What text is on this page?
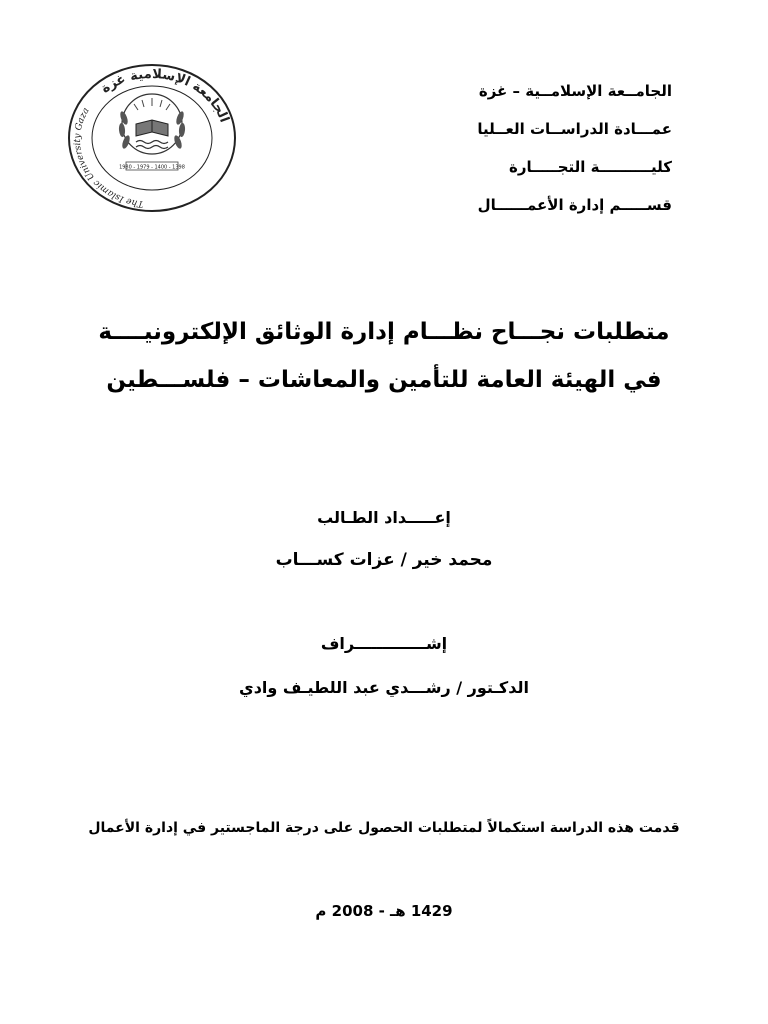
1980 - 1979 - 1400 - 1398
الجامعة الإسلامية غزة
The Islamic University Gaza
الجامــعة الإسلامــية – غزة
عمـــادة الدراســات العــليا
كليــــــــــة التجـــــارة
قســـــم إدارة الأعمــــــال
متطلبات نجـــاح نظـــام إدارة الوثائق الإلكترونيــــة
في الهيئة العامة للتأمين والمعاشات – فلســـطين
إعـــــداد الطـالب
محمد خير / عزات كســـاب
إشـــــــــــــراف
الدكـتور / رشـــدي عبد اللطيـف وادي
قدمت هذه الدراسة استكمالاً لمتطلبات الحصول على درجة الماجستير في إدارة الأعمال
1429 هـ - 2008 م
